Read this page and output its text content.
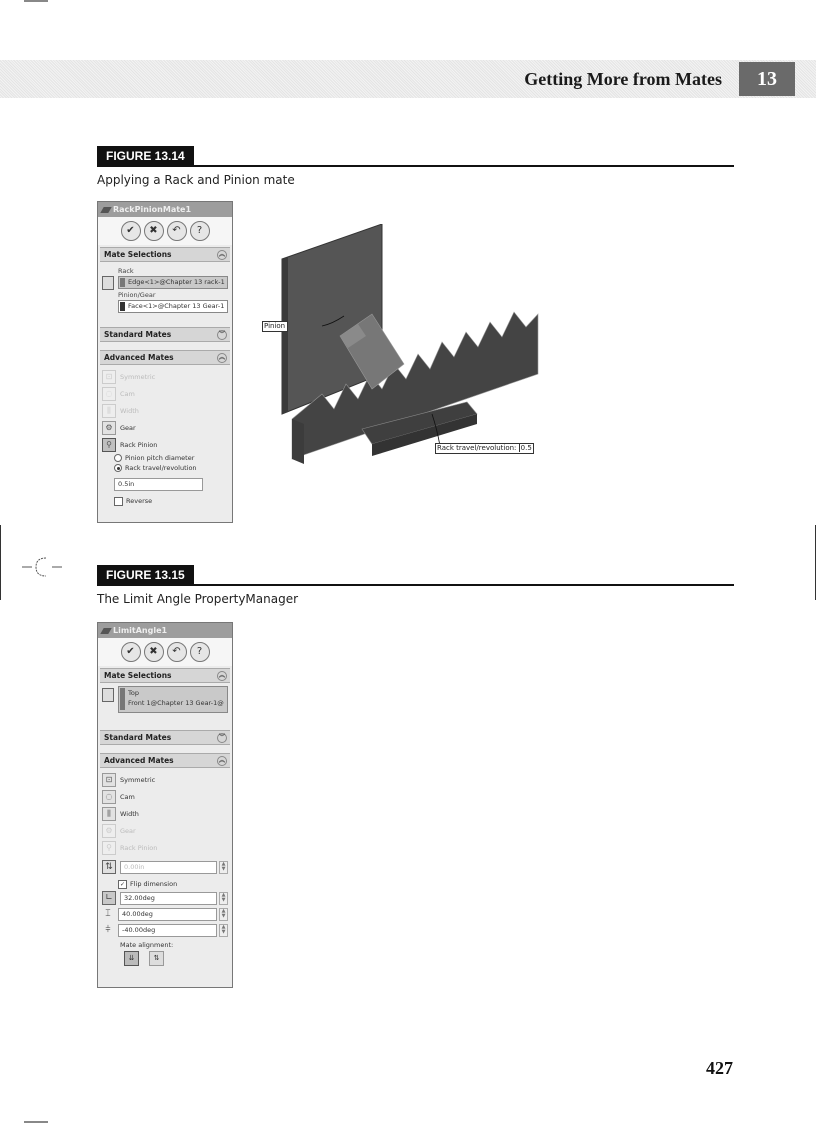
Getting More from Mates	13
FIGURE 13.14
Applying a Rack and Pinion mate
RackPinionMate1
✔	✖	↶	?
Mate Selections	︽
Rack
Edge<1>@Chapter 13 rack-1
Pinion/Gear
Face<1>@Chapter 13 Gear-1
Standard Mates	︾
Advanced Mates	︽
⊡	Symmetric
◌	Cam
⫼	Width
⚙	Gear
⚲	Rack Pinion
Pinion pitch diameter
Rack travel/revolution
0.5in
Reverse
Pinion
Rack travel/revolution: 0.5
FIGURE 13.15
The Limit Angle PropertyManager
LimitAngle1
✔	✖	↶	?
Mate Selections	︽
Top
Front 1@Chapter 13 Gear-1@
Standard Mates	︾
Advanced Mates	︽
⊡	Symmetric
◌	Cam
⫼	Width
⚙	Gear
⚲	Rack Pinion
⇅	0.00in	▲
▼
✓ Flip dimension
∟	32.00deg	▲
▼
⌶	40.00deg	▲
▼
⫩	-40.00deg	▲
▼
Mate alignment:
⇊	⇅
427
